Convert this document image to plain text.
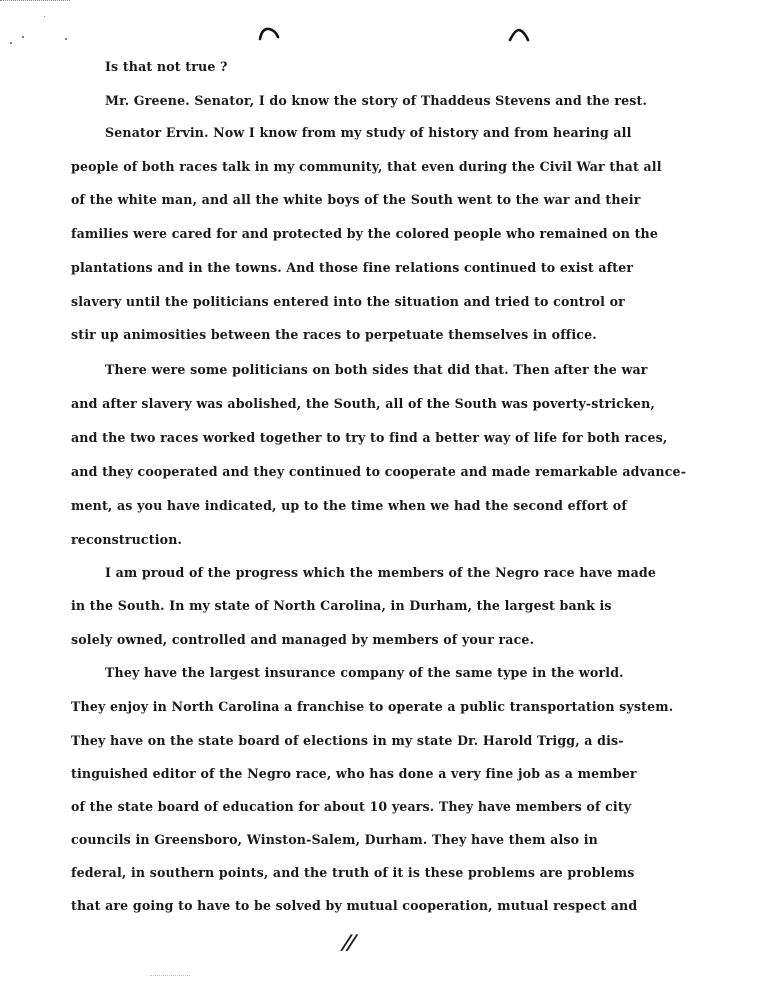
Is that not true ?
Mr. Greene. Senator, I do know the story of Thaddeus Stevens and the rest.
Senator Ervin. Now I know from my study of history and from hearing all
people of both races talk in my community, that even during the Civil War that all
of the white man, and all the white boys of the South went to the war and their
families were cared for and protected by the colored people who remained on the
plantations and in the towns. And those fine relations continued to exist after
slavery until the politicians entered into the situation and tried to control or
stir up animosities between the races to perpetuate themselves in office.
There were some politicians on both sides that did that. Then after the war
and after slavery was abolished, the South, all of the South was poverty-stricken,
and the two races worked together to try to find a better way of life for both races,
and they cooperated and they continued to cooperate and made remarkable advance-
ment, as you have indicated, up to the time when we had the second effort of
reconstruction.
I am proud of the progress which the members of the Negro race have made
in the South. In my state of North Carolina, in Durham, the largest bank is
solely owned, controlled and managed by members of your race.
They have the largest insurance company of the same type in the world.
They enjoy in North Carolina a franchise to operate a public transportation system.
They have on the state board of elections in my state Dr. Harold Trigg, a dis-
tinguished editor of the Negro race, who has done a very fine job as a member
of the state board of education for about 10 years. They have members of city
councils in Greensboro, Winston-Salem, Durham. They have them also in
federal, in southern points, and the truth of it is these problems are problems
that are going to have to be solved by mutual cooperation, mutual respect and
//
